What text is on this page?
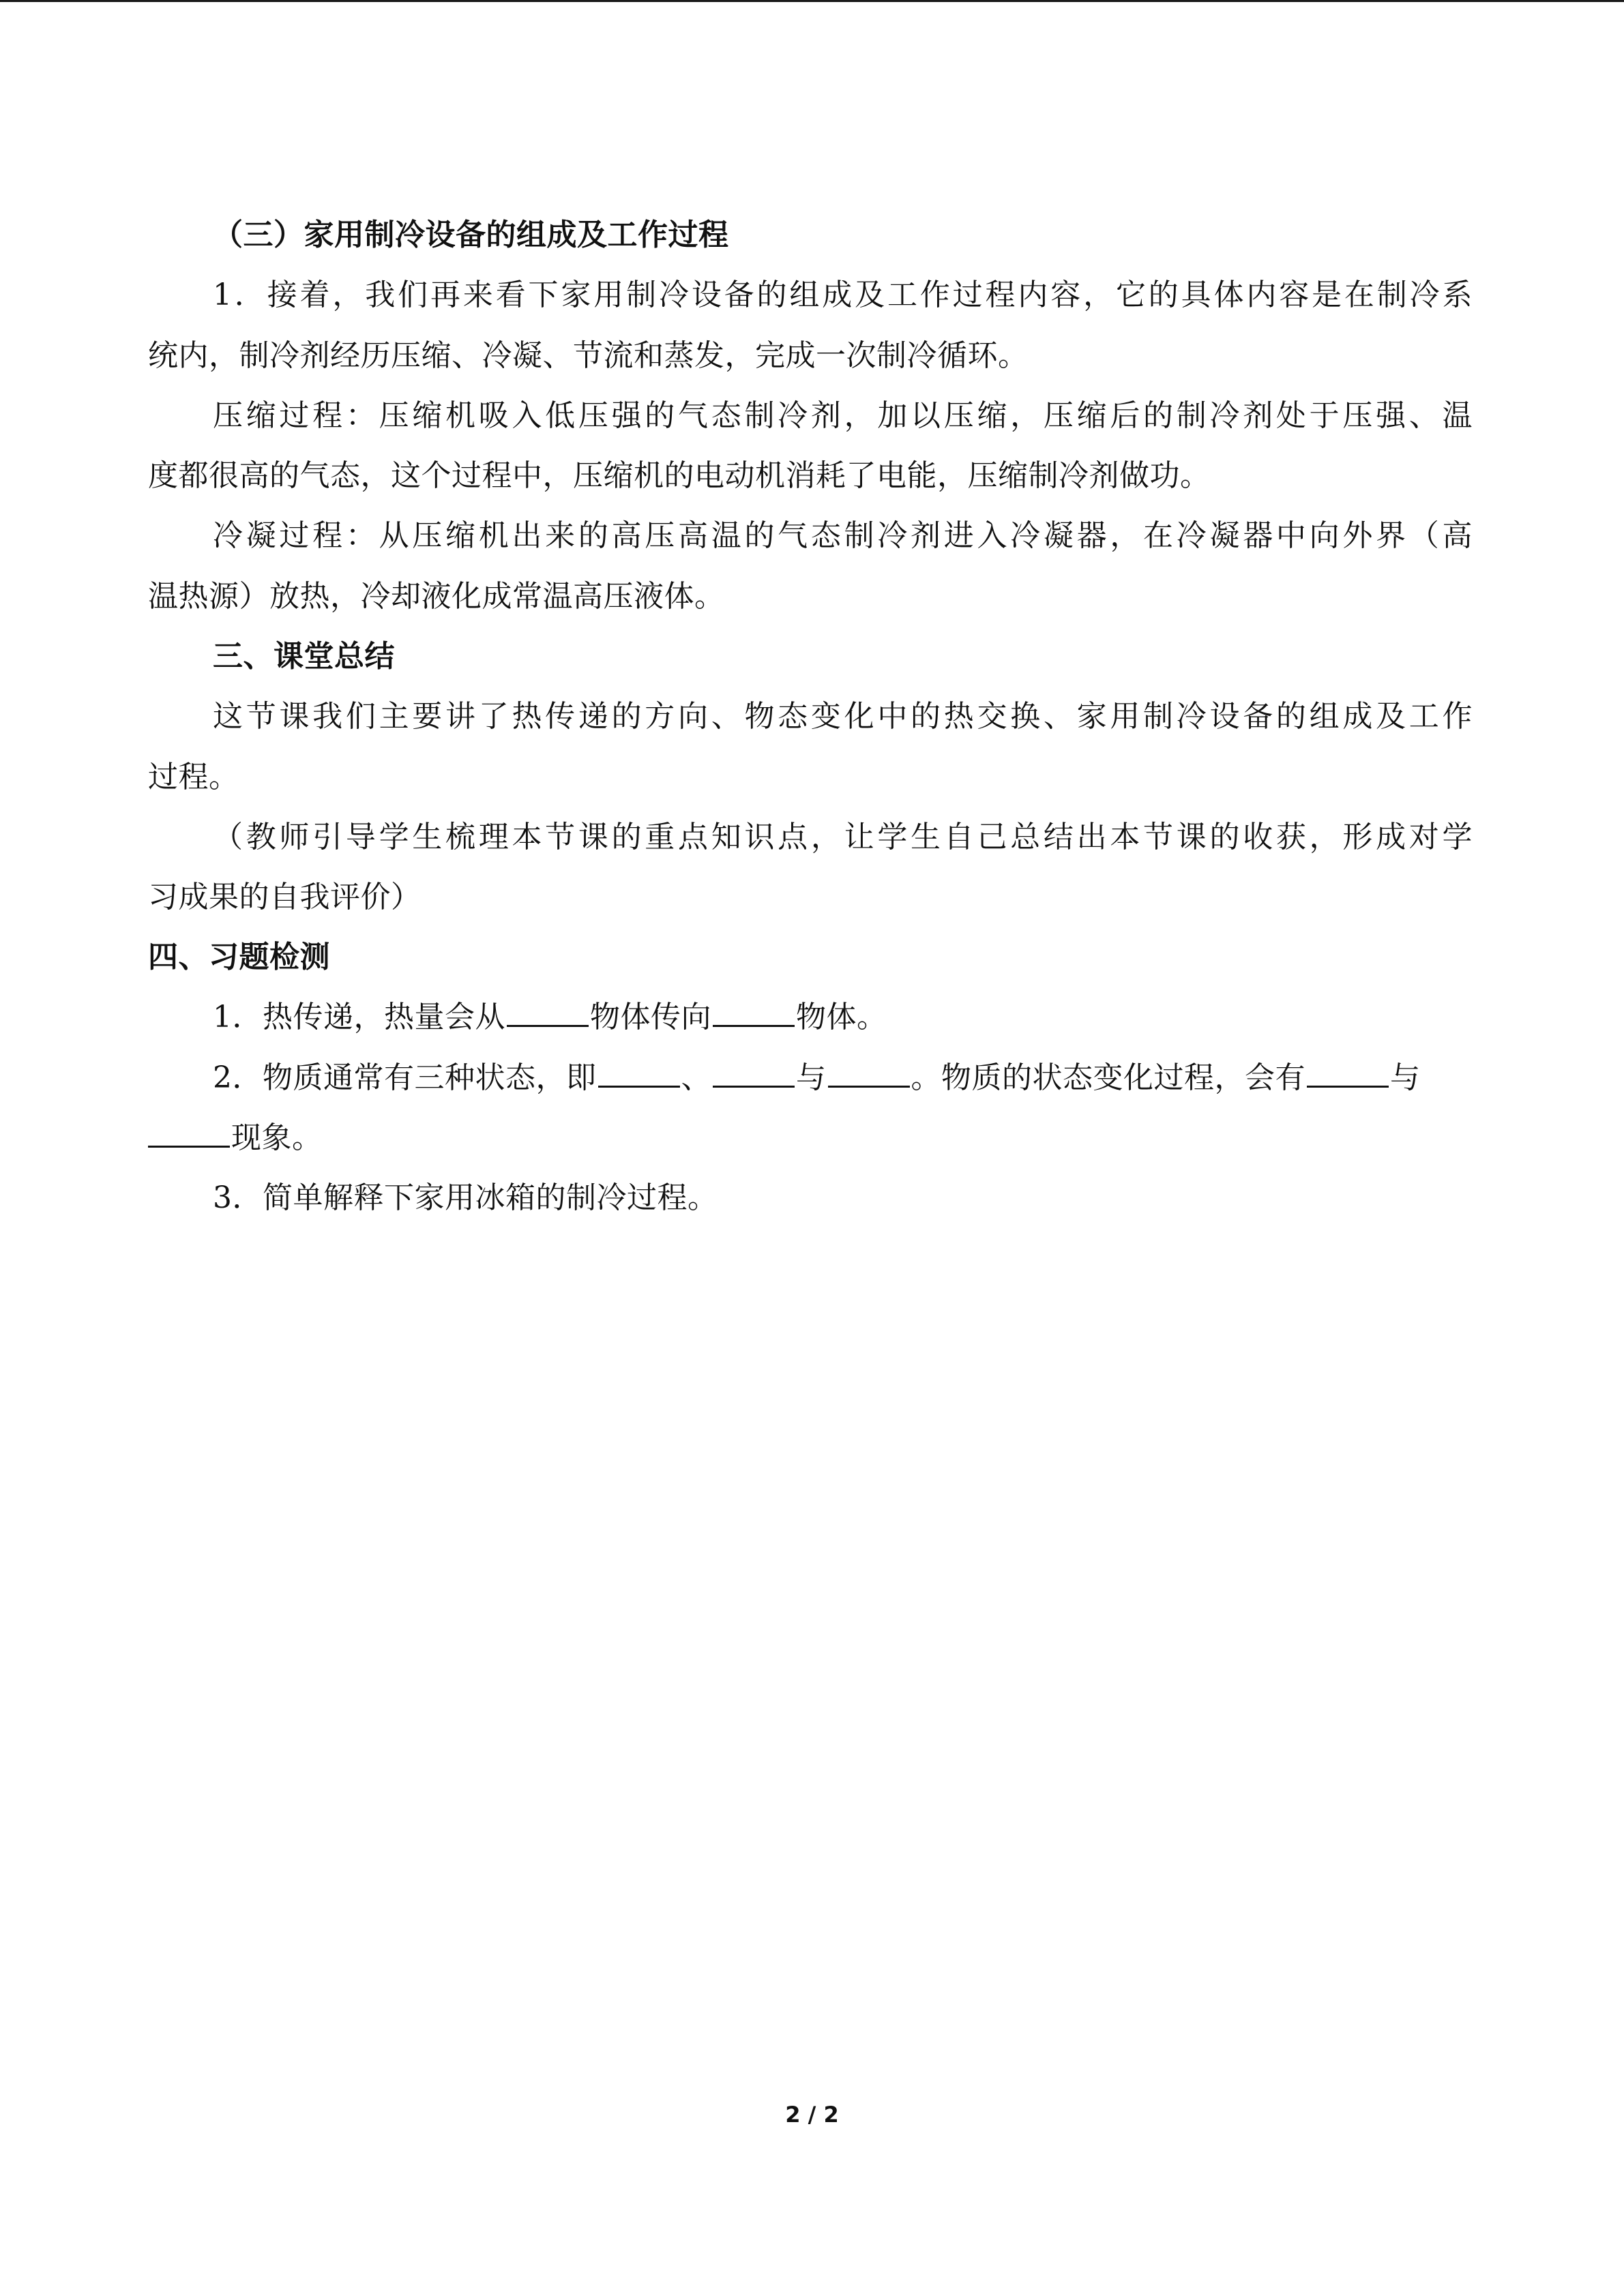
（三）家用制冷设备的组成及工作过程
1．接着，我们再来看下家用制冷设备的组成及工作过程内容，它的具体内容是在制冷系
统内，制冷剂经历压缩、冷凝、节流和蒸发，完成一次制冷循环。
压缩过程：压缩机吸入低压强的气态制冷剂，加以压缩，压缩后的制冷剂处于压强、温
度都很高的气态，这个过程中，压缩机的电动机消耗了电能，压缩制冷剂做功。
冷凝过程：从压缩机出来的高压高温的气态制冷剂进入冷凝器，在冷凝器中向外界（高
温热源）放热，冷却液化成常温高压液体。
三、课堂总结
这节课我们主要讲了热传递的方向、物态变化中的热交换、家用制冷设备的组成及工作
过程。
（教师引导学生梳理本节课的重点知识点，让学生自己总结出本节课的收获，形成对学
习成果的自我评价）
四、习题检测
1．热传递，热量会从	物体传向	物体。
2．物质通常有三种状态，即	、	与	。物质的状态变化过程，会有	与
现象。
3．简单解释下家用冰箱的制冷过程。
2 / 2
